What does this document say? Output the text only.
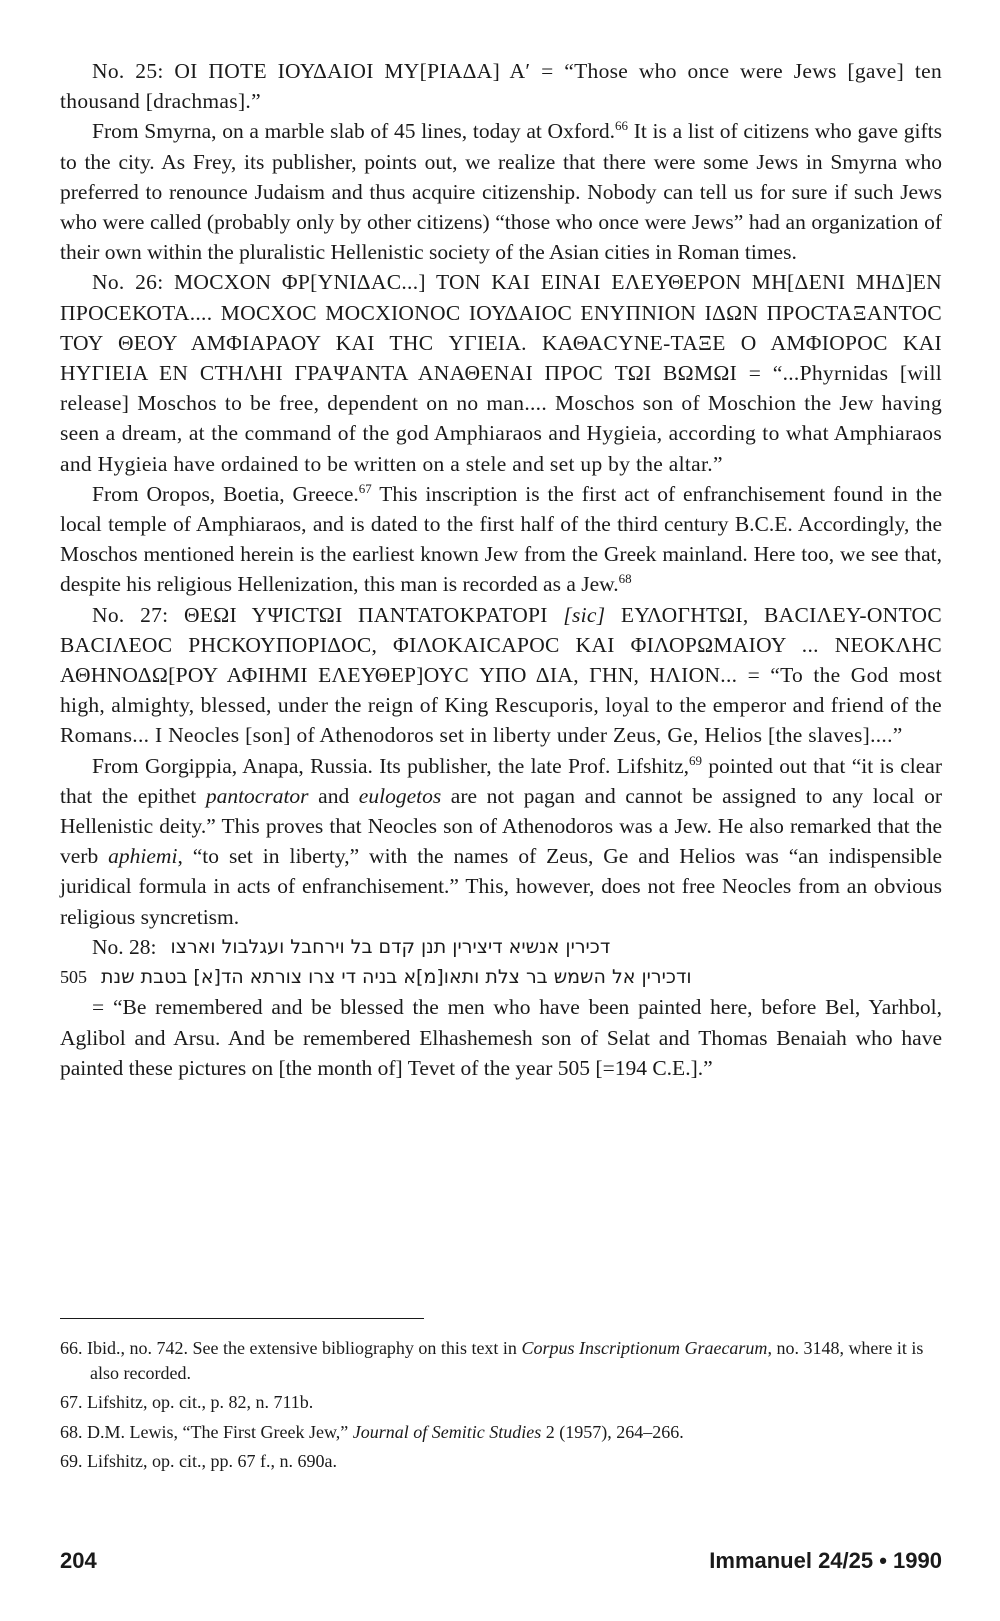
No. 25: ΟΙ ΠΟΤΕ ΙΟΥΔΑΙΟΙ ΜΥ[ΡΙΑΔΑ] Α′ = “Those who once were Jews [gave] ten thousand [drachmas].”

From Smyrna, on a marble slab of 45 lines, today at Oxford.$^{66}$ It is a list of citizens who gave gifts to the city. As Frey, its publisher, points out, we realize that there were some Jews in Smyrna who preferred to renounce Judaism and thus acquire citizenship. Nobody can tell us for sure if such Jews who were called (probably only by other citizens) “those who once were Jews” had an organization of their own within the pluralistic Hellenistic society of the Asian cities in Roman times.

No. 26: ΜΟCΧΟΝ ΦΡ[ΥΝΙΔΑC...] ΤΟΝ ΚΑΙ ΕΙΝΑΙ ΕΛΕΥΘΕΡΟΝ ΜΗ[ΔΕΝΙ ΜΗΔ]ΕΝ ΠΡΟCΕΚΟΤΑ.... ΜΟCΧΟC ΜΟCΧΙΟΝΟC ΙΟΥΔΑΙΟC ΕΝΥΠΝΙΟΝ ΙΔΩΝ ΠΡΟCΤΑΞΑΝΤΟC ΤΟΥ ΘΕΟΥ ΑΜΦΙΑΡΑΟΥ ΚΑΙ ΤΗC ΥΓΙΕΙΑ. ΚΑΘΑCΥΝΕ-ΤΑΞΕ Ο ΑΜΦΙΟΡΟC ΚΑΙ ΗΥΓΙΕΙΑ ΕΝ CΤΗΛΗΙ ΓΡΑΨΑΝΤΑ ΑΝΑΘΕΝΑΙ ΠΡΟC ΤΩΙ ΒΩΜΩΙ = “...Phyrnidas [will release] Moschos to be free, dependent on no man.... Moschos son of Moschion the Jew having seen a dream, at the command of the god Amphiaraos and Hygieia, according to what Amphiaraos and Hygieia have ordained to be written on a stele and set up by the altar.”

From Oropos, Boetia, Greece.$^{67}$ This inscription is the first act of enfranchisement found in the local temple of Amphiaraos, and is dated to the first half of the third century B.C.E. Accordingly, the Moschos mentioned herein is the earliest known Jew from the Greek mainland. Here too, we see that, despite his religious Hellenization, this man is recorded as a Jew.$^{68}$

No. 27: ΘΕΩΙ ΥΨΙCΤΩΙ ΠΑΝΤΑΤΟΚΡΑΤΟΡΙ [sic] ΕΥΛΟΓΗΤΩΙ, ΒΑCΙΛΕΥ-ΟΝΤΟC ΒΑCΙΛΕΟC ΡΗCΚΟΥΠΟΡΙΔΟC, ΦΙΛΟΚΑΙCΑΡΟC ΚΑΙ ΦΙΛΟΡΩΜΑΙΟΥ ... ΝΕΟΚΛΗC ΑΘΗΝΟΔΩ[ΡΟΥ ΑΦΙΗΜΙ ΕΛΕΥΘΕΡ]ΟΥC ΥΠΟ ΔΙΑ, ΓΗΝ, ΗΛΙΟΝ... = “To the God most high, almighty, blessed, under the reign of King Rescuporis, loyal to the emperor and friend of the Romans... I Neocles [son] of Athenodoros set in liberty under Zeus, Ge, Helios [the slaves]....”

From Gorgippia, Anapa, Russia. Its publisher, the late Prof. Lifshitz,$^{69}$ pointed out that “it is clear that the epithet pantocrator and eulogetos are not pagan and cannot be assigned to any local or Hellenistic deity.” This proves that Neocles son of Athenodoros was a Jew. He also remarked that the verb aphiemi, “to set in liberty,” with the names of Zeus, Ge and Helios was “an indispensible juridical formula in acts of enfranchisement.” This, however, does not free Neocles from an obvious religious syncretism.

No. 28: דכירין אנשיא דיצירין תנן קדם בל וירחבל ועגלבול וארצו
505 ודכירין אל השמש בר צלת ותאו[מ]א בניה די צרו צורתא הד[א] בטבת שנת

= “Be remembered and be blessed the men who have been painted here, before Bel, Yarhbol, Aglibol and Arsu. And be remembered Elhashemesh son of Selat and Thomas Benaiah who have painted these pictures on [the month of] Tevet of the year 505 [=194 C.E.].”

66. Ibid., no. 742. See the extensive bibliography on this text in Corpus Inscriptionum Graecarum, no. 3148, where it is also recorded.

67. Lifshitz, op. cit., p. 82, n. 711b.

68. D.M. Lewis, “The First Greek Jew,” Journal of Semitic Studies 2 (1957), 264–266.

69. Lifshitz, op. cit., pp. 67 f., n. 690a.

204	Immanuel 24/25 • 1990
